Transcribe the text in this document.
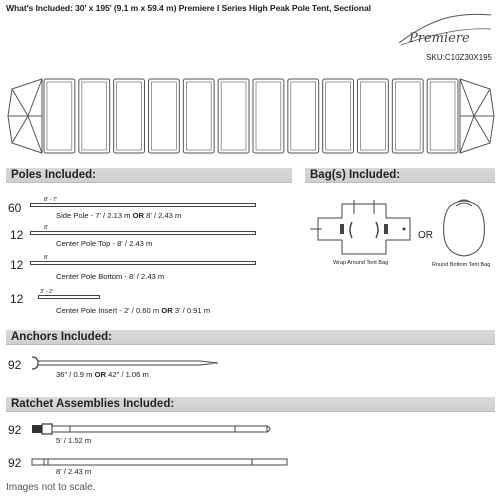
What's Included: 30' x 195' (9.1 m x 59.4 m) Premiere I Series High Peak Pole Tent, Sectional
Premiere
SKU:C10Z30X195
Poles Included:	Bag(s) Included:
60
8' - 7'
Side Pole - 7' / 2.13 m OR 8' / 2.43 m
12	8'
Center Pole Top - 8' / 2.43 m
12	8'
Center Pole Bottom - 8' / 2.43 m
12	3' - 2'
Center Pole Insert - 2' / 0.60 m OR 3' / 0.91 m
Wrap Around Tent Bag
OR
Round Bottom Tent Bag
Anchors Included:
92
36" / 0.9 m OR 42" / 1.06 m
Ratchet Assemblies Included:
92
5' / 1.52 m
92
8' / 2.43 m
Images not to scale.
